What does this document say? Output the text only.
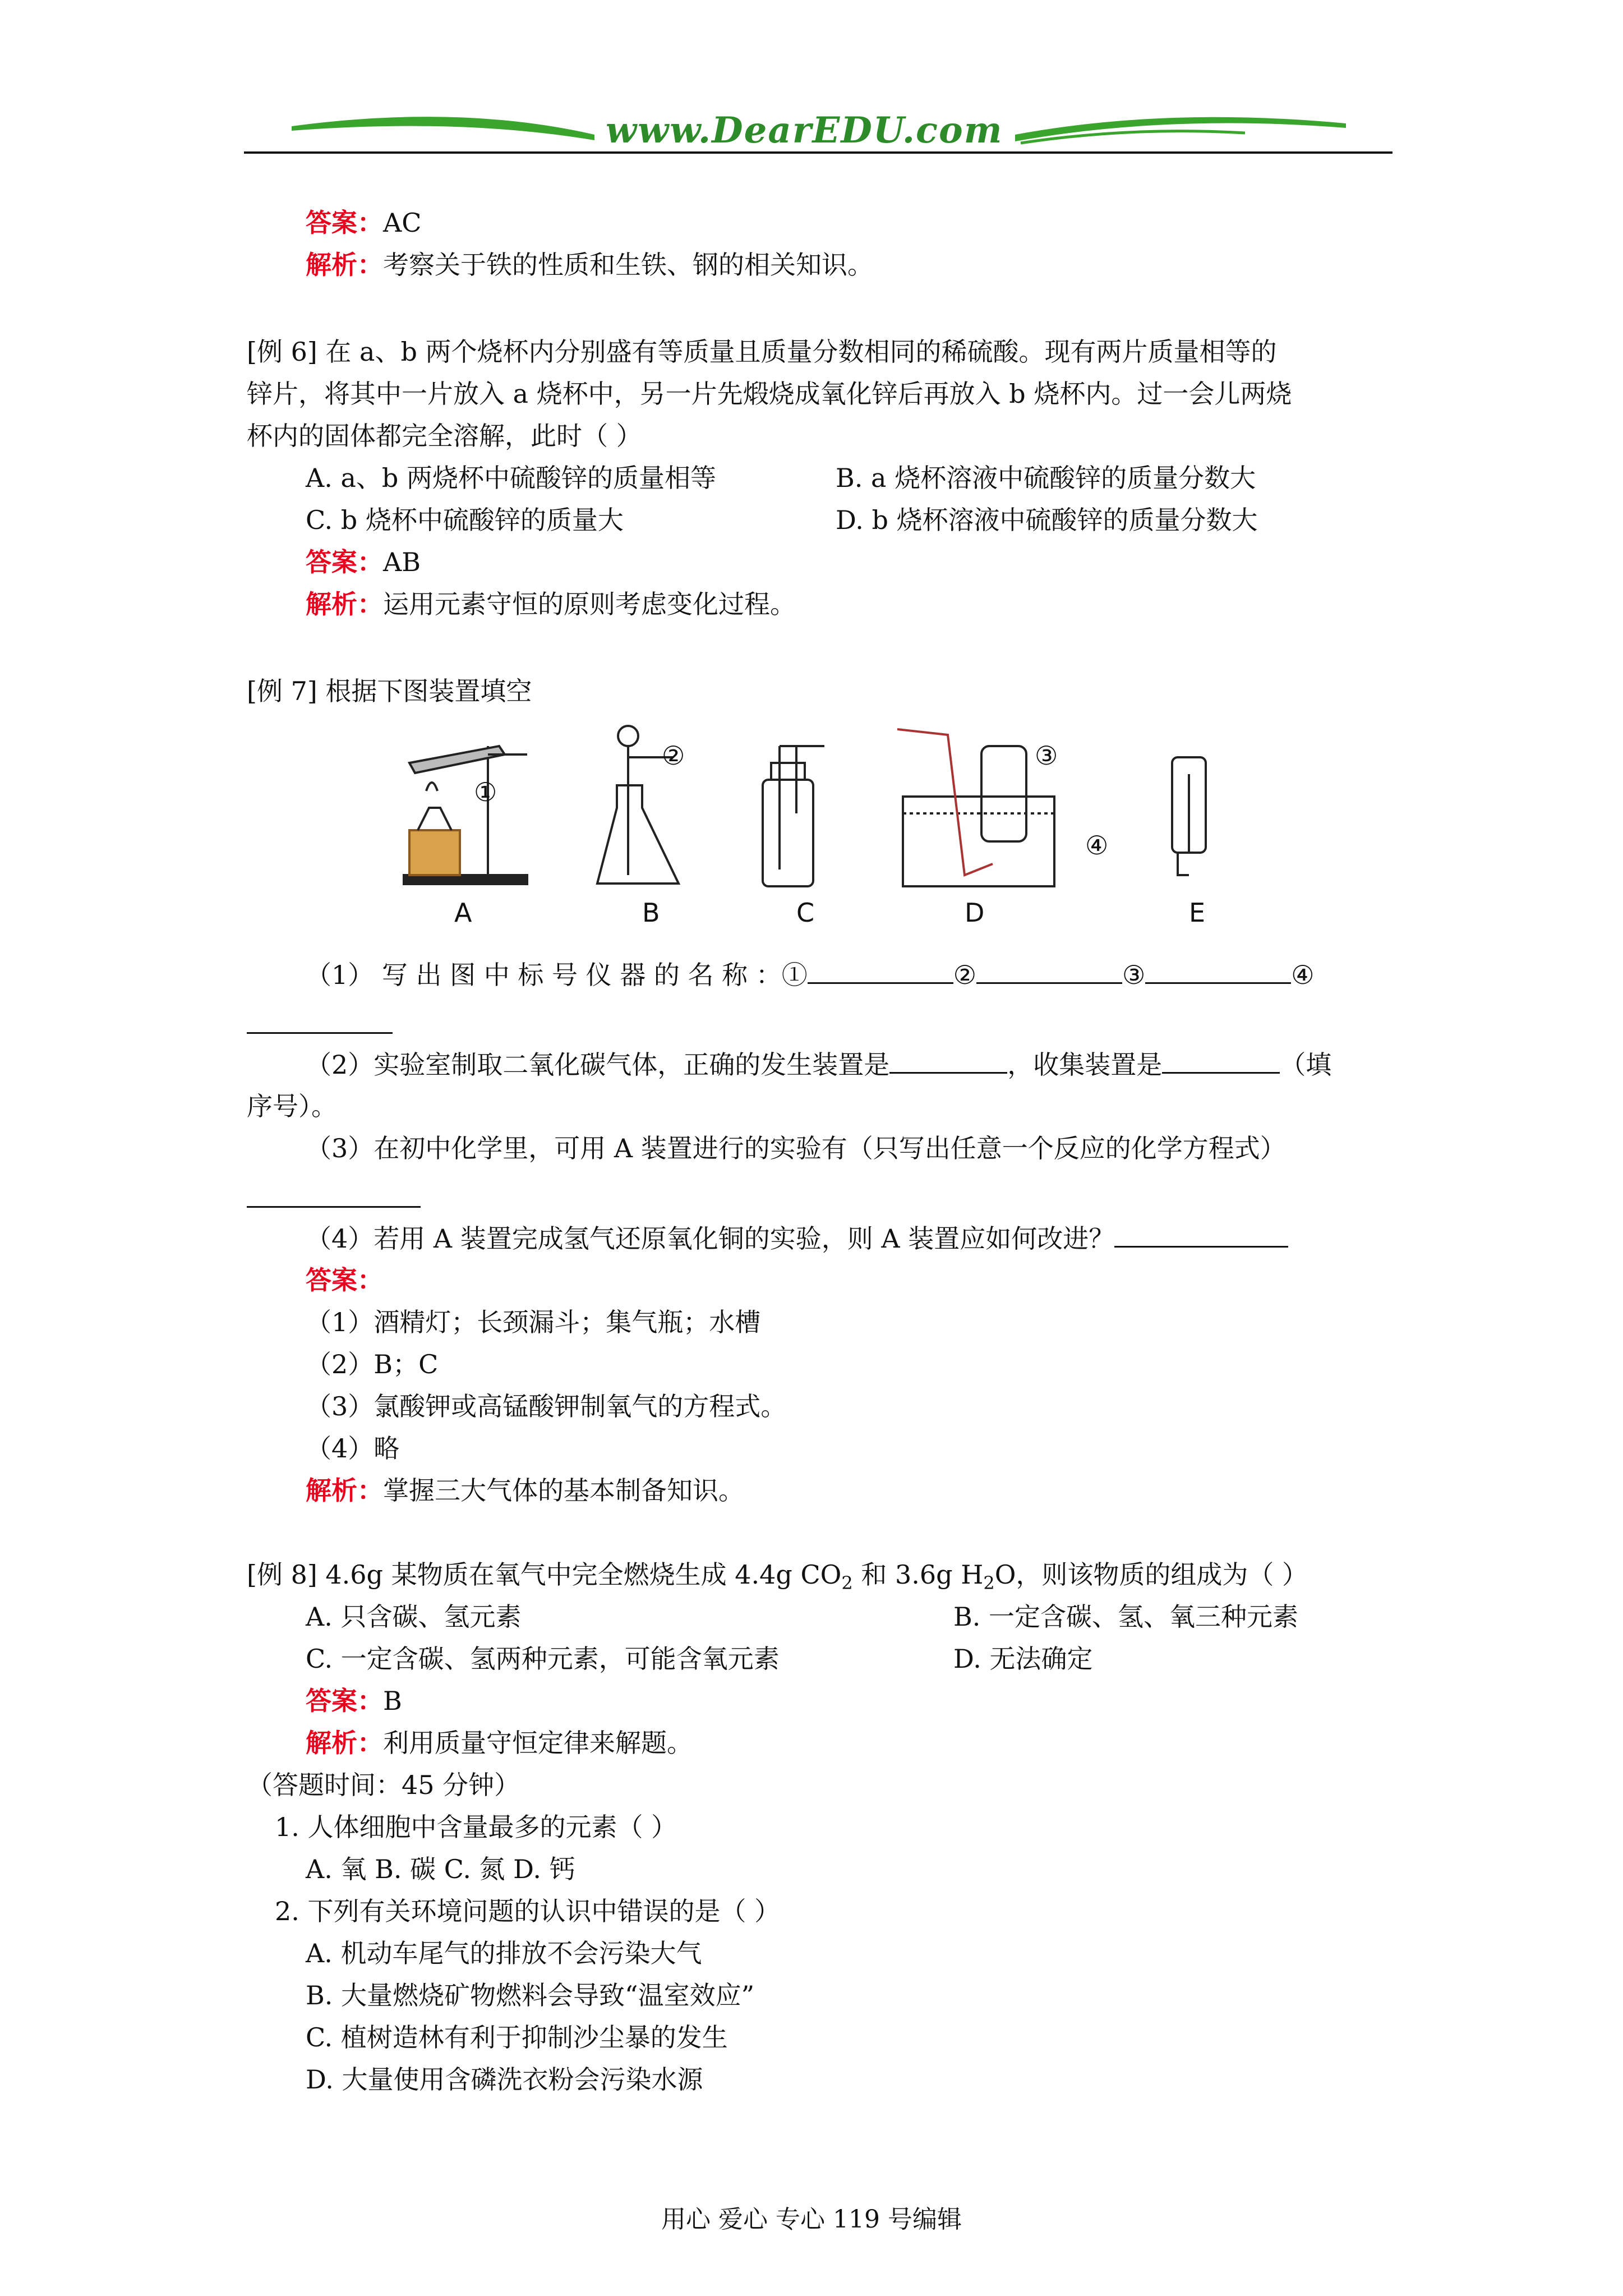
www.DearEDU.com
答案：AC
解析：考察关于铁的性质和生铁、钢的相关知识。
[例 6] 在 a、b 两个烧杯内分别盛有等质量且质量分数相同的稀硫酸。现有两片质量相等的
锌片，将其中一片放入 a 烧杯中，另一片先煅烧成氧化锌后再放入 b 烧杯内。过一会儿两烧
杯内的固体都完全溶解，此时（ ）
A. a、b 两烧杯中硫酸锌的质量相等	B. a 烧杯溶液中硫酸锌的质量分数大
C. b 烧杯中硫酸锌的质量大	D. b 烧杯溶液中硫酸锌的质量分数大
答案：AB
解析：运用元素守恒的原则考虑变化过程。
[例 7] 根据下图装置填空
①
②	③
④
A	B	C	D	E
（1） 写 出 图 中 标 号 仪 器 的 名 称 ：①	②	③	④
（2）实验室制取二氧化碳气体，正确的发生装置是	，收集装置是	（填
序号）。
（3）在初中化学里，可用 A 装置进行的实验有（只写出任意一个反应的化学方程式）
（4）若用 A 装置完成氢气还原氧化铜的实验，则 A 装置应如何改进？
答案：
（1）酒精灯；长颈漏斗；集气瓶；水槽
（2）B；C
（3）氯酸钾或高锰酸钾制氧气的方程式。
（4）略
解析：掌握三大气体的基本制备知识。
[例 8] 4.6g 某物质在氧气中完全燃烧生成 4.4g $CO_2$ 和 3.6g $H_2O$，则该物质的组成为（ ）
A. 只含碳、氢元素	B. 一定含碳、氢、氧三种元素
C. 一定含碳、氢两种元素，可能含氧元素	D. 无法确定
答案：B
解析：利用质量守恒定律来解题。
（答题时间：45 分钟）
1. 人体细胞中含量最多的元素（ ）
A. 氧 B. 碳 C. 氮 D. 钙
2. 下列有关环境问题的认识中错误的是（ ）
A. 机动车尾气的排放不会污染大气
B. 大量燃烧矿物燃料会导致“温室效应”
C. 植树造林有利于抑制沙尘暴的发生
D. 大量使用含磷洗衣粉会污染水源
用心 爱心 专心 119 号编辑
